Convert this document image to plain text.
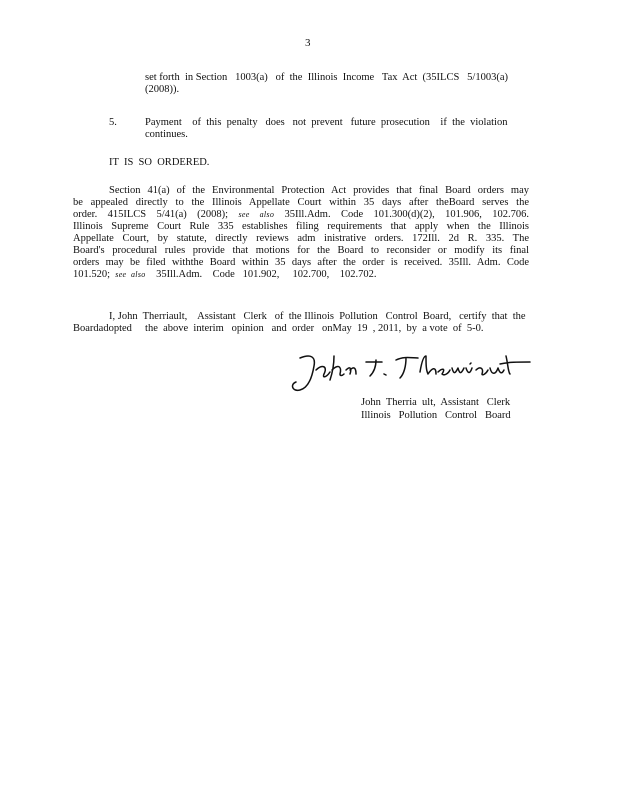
3
set forth  in Section   1003(a)   of  the  Illinois  Income   Tax  Act  (35ILCS   5/1003(a)
(2008)).
5.	Payment    of  this  penalty   does   not  prevent   future  prosecution    if  the  violation
continues.
IT  IS  SO  ORDERED.
Section 41(a) of the Environmental Protection Act provides that final Board orders may
be appealed directly to the Illinois Appellate Court within 35 days after theBoard serves the
order. 415ILCS 5/41(a) (2008); see also 35Ill.Adm. Code 101.300(d)(2), 101.906, 102.706.
Illinois Supreme Court Rule 335 establishes filing requirements that apply when the Illinois
Appellate Court, by statute, directly reviews adm inistrative orders. 172Ill. 2d R. 335. The
Board's procedural rules provide that motions for the Board to reconsider or modify its final
orders may be filed withthe Board within 35 days after the order is received. 35Ill. Adm. Code
101.520;  see  also    35Ill.Adm.    Code   101.902,     102.700,    102.702.
I, John  Therriault,    Assistant   Clerk   of  the Illinois  Pollution   Control  Board,   certify  that  the
Boardadopted     the  above  interim   opinion   and  order   onMay  19  , 2011,  by  a vote  of  5-0.
John  Therria  ult,  Assistant   Clerk
Illinois   Pollution   Control   Board
